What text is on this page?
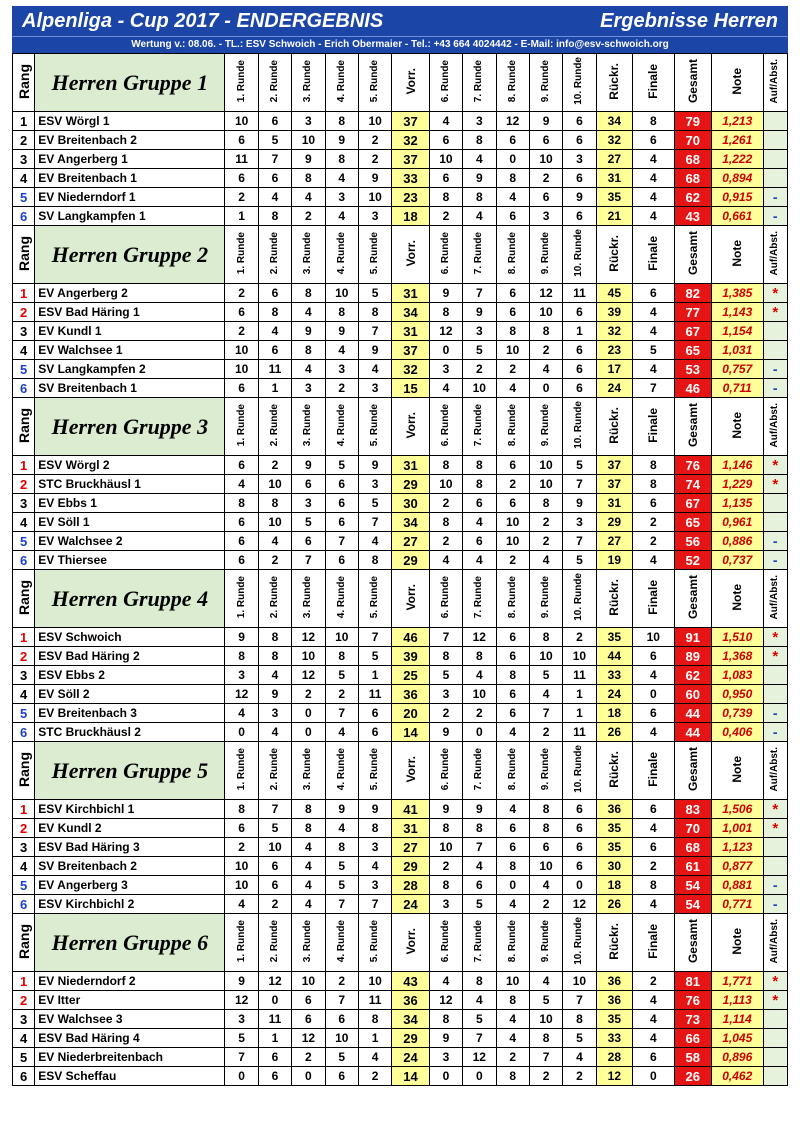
Alpenliga - Cup 2017 - ENDERGEBNIS	Ergebnisse Herren
Wertung v.: 08.06. - TL.: ESV Schwoich - Erich Obermaier - Tel.: +43 664 4024442 - E-Mail: info@esv-schwoich.org
Rang	Herren Gruppe 1	1. Runde	2. Runde	3. Runde	4. Runde	5. Runde	Vorr.	6. Runde	7. Runde	8. Runde	9. Runde	10. Runde	Rückr.	Finale	Gesamt	Note	Auf/Abst.
1	ESV Wörgl 1	10	6	3	8	10	37	4	3	12	9	6	34	8	79	1,213	
2	EV Breitenbach 2	6	5	10	9	2	32	6	8	6	6	6	32	6	70	1,261	
3	EV Angerberg 1	11	7	9	8	2	37	10	4	0	10	3	27	4	68	1,222	
4	EV Breitenbach 1	6	6	8	4	9	33	6	9	8	2	6	31	4	68	0,894	
5	EV Niederndorf 1	2	4	4	3	10	23	8	8	4	6	9	35	4	62	0,915	-
6	SV Langkampfen 1	1	8	2	4	3	18	2	4	6	3	6	21	4	43	0,661	-
Rang	Herren Gruppe 2	1. Runde	2. Runde	3. Runde	4. Runde	5. Runde	Vorr.	6. Runde	7. Runde	8. Runde	9. Runde	10. Runde	Rückr.	Finale	Gesamt	Note	Auf/Abst.
1	EV Angerberg 2	2	6	8	10	5	31	9	7	6	12	11	45	6	82	1,385	*
2	ESV Bad Häring 1	6	8	4	8	8	34	8	9	6	10	6	39	4	77	1,143	*
3	EV Kundl 1	2	4	9	9	7	31	12	3	8	8	1	32	4	67	1,154	
4	EV Walchsee 1	10	6	8	4	9	37	0	5	10	2	6	23	5	65	1,031	
5	SV Langkampfen 2	10	11	4	3	4	32	3	2	2	4	6	17	4	53	0,757	-
6	SV Breitenbach 1	6	1	3	2	3	15	4	10	4	0	6	24	7	46	0,711	-
Rang	Herren Gruppe 3	1. Runde	2. Runde	3. Runde	4. Runde	5. Runde	Vorr.	6. Runde	7. Runde	8. Runde	9. Runde	10. Runde	Rückr.	Finale	Gesamt	Note	Auf/Abst.
1	ESV Wörgl 2	6	2	9	5	9	31	8	8	6	10	5	37	8	76	1,146	*
2	STC Bruckhäusl 1	4	10	6	6	3	29	10	8	2	10	7	37	8	74	1,229	*
3	EV Ebbs 1	8	8	3	6	5	30	2	6	6	8	9	31	6	67	1,135	
4	EV Söll 1	6	10	5	6	7	34	8	4	10	2	3	29	2	65	0,961	
5	EV Walchsee 2	6	4	6	7	4	27	2	6	10	2	7	27	2	56	0,886	-
6	EV Thiersee	6	2	7	6	8	29	4	4	2	4	5	19	4	52	0,737	-
Rang	Herren Gruppe 4	1. Runde	2. Runde	3. Runde	4. Runde	5. Runde	Vorr.	6. Runde	7. Runde	8. Runde	9. Runde	10. Runde	Rückr.	Finale	Gesamt	Note	Auf/Abst.
1	ESV Schwoich	9	8	12	10	7	46	7	12	6	8	2	35	10	91	1,510	*
2	ESV Bad Häring 2	8	8	10	8	5	39	8	8	6	10	10	44	6	89	1,368	*
3	ESV Ebbs 2	3	4	12	5	1	25	5	4	8	5	11	33	4	62	1,083	
4	EV Söll 2	12	9	2	2	11	36	3	10	6	4	1	24	0	60	0,950	
5	EV Breitenbach 3	4	3	0	7	6	20	2	2	6	7	1	18	6	44	0,739	-
6	STC Bruckhäusl 2	0	4	0	4	6	14	9	0	4	2	11	26	4	44	0,406	-
Rang	Herren Gruppe 5	1. Runde	2. Runde	3. Runde	4. Runde	5. Runde	Vorr.	6. Runde	7. Runde	8. Runde	9. Runde	10. Runde	Rückr.	Finale	Gesamt	Note	Auf/Abst.
1	ESV Kirchbichl 1	8	7	8	9	9	41	9	9	4	8	6	36	6	83	1,506	*
2	EV Kundl 2	6	5	8	4	8	31	8	8	6	8	6	35	4	70	1,001	*
3	ESV Bad Häring 3	2	10	4	8	3	27	10	7	6	6	6	35	6	68	1,123	
4	SV Breitenbach 2	10	6	4	5	4	29	2	4	8	10	6	30	2	61	0,877	
5	EV Angerberg 3	10	6	4	5	3	28	8	6	0	4	0	18	8	54	0,881	-
6	ESV Kirchbichl 2	4	2	4	7	7	24	3	5	4	2	12	26	4	54	0,771	-
Rang	Herren Gruppe 6	1. Runde	2. Runde	3. Runde	4. Runde	5. Runde	Vorr.	6. Runde	7. Runde	8. Runde	9. Runde	10. Runde	Rückr.	Finale	Gesamt	Note	Auf/Abst.
1	EV Niederndorf 2	9	12	10	2	10	43	4	8	10	4	10	36	2	81	1,771	*
2	EV Itter	12	0	6	7	11	36	12	4	8	5	7	36	4	76	1,113	*
3	EV Walchsee 3	3	11	6	6	8	34	8	5	4	10	8	35	4	73	1,114	
4	ESV Bad Häring 4	5	1	12	10	1	29	9	7	4	8	5	33	4	66	1,045	
5	EV Niederbreitenbach	7	6	2	5	4	24	3	12	2	7	4	28	6	58	0,896	
6	ESV Scheffau	0	6	0	6	2	14	0	0	8	2	2	12	0	26	0,462	
